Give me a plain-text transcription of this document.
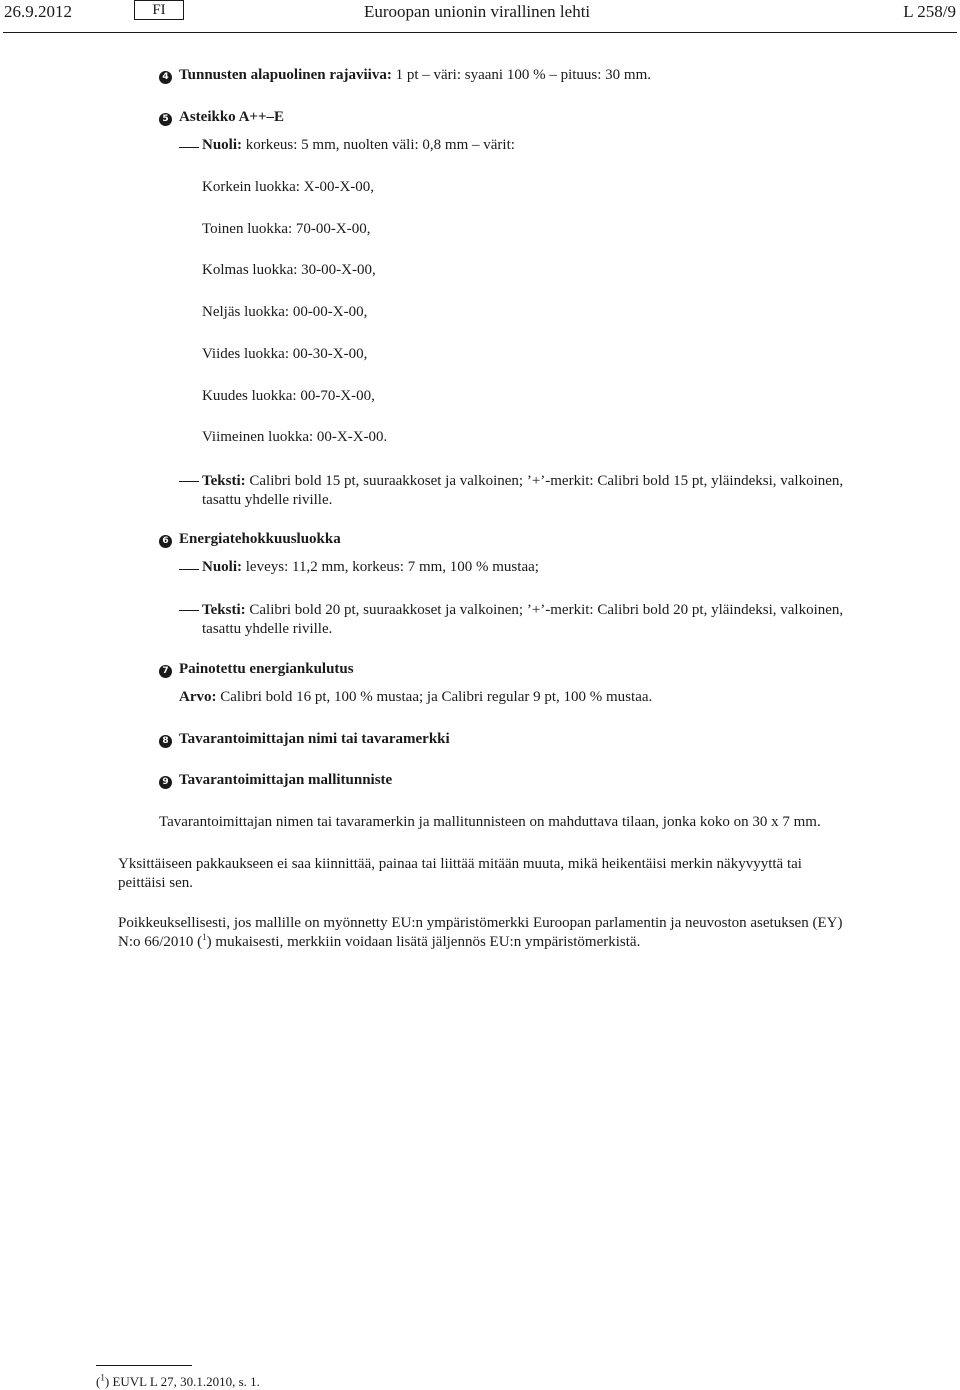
26.9.2012	FI	Euroopan unionin virallinen lehti	L 258/9
4 Tunnusten alapuolinen rajaviiva: 1 pt – väri: syaani 100 % – pituus: 30 mm.
5 Asteikko A++–E
Nuoli: korkeus: 5 mm, nuolten väli: 0,8 mm – värit:
Korkein luokka: X-00-X-00,
Toinen luokka: 70-00-X-00,
Kolmas luokka: 30-00-X-00,
Neljäs luokka: 00-00-X-00,
Viides luokka: 00-30-X-00,
Kuudes luokka: 00-70-X-00,
Viimeinen luokka: 00-X-X-00.
Teksti: Calibri bold 15 pt, suuraakkoset ja valkoinen; ’+’-merkit: Calibri bold 15 pt, yläindeksi, valkoinen,
tasattu yhdelle riville.
6 Energiatehokkuusluokka
Nuoli: leveys: 11,2 mm, korkeus: 7 mm, 100 % mustaa;
Teksti: Calibri bold 20 pt, suuraakkoset ja valkoinen; ’+’-merkit: Calibri bold 20 pt, yläindeksi, valkoinen,
tasattu yhdelle riville.
7 Painotettu energiankulutus
Arvo: Calibri bold 16 pt, 100 % mustaa; ja Calibri regular 9 pt, 100 % mustaa.
8 Tavarantoimittajan nimi tai tavaramerkki
9 Tavarantoimittajan mallitunniste
Tavarantoimittajan nimen tai tavaramerkin ja mallitunnisteen on mahduttava tilaan, jonka koko on 30 x 7 mm.
Yksittäiseen pakkaukseen ei saa kiinnittää, painaa tai liittää mitään muuta, mikä heikentäisi merkin näkyvyyttä tai
peittäisi sen.
Poikkeuksellisesti, jos mallille on myönnetty EU:n ympäristömerkki Euroopan parlamentin ja neuvoston asetuksen (EY)
N:o 66/2010 ($^1$) mukaisesti, merkkiin voidaan lisätä jäljennös EU:n ympäristömerkistä.
($^1$) EUVL L 27, 30.1.2010, s. 1.
